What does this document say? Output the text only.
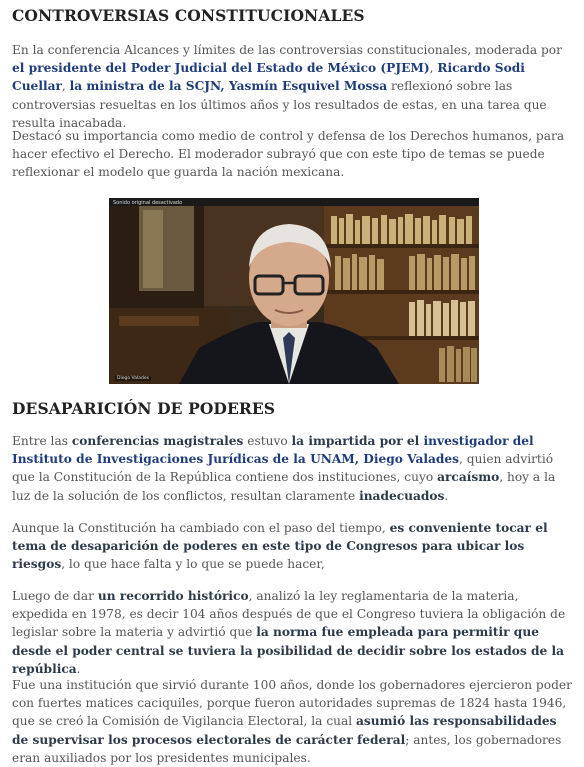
CONTROVERSIAS CONSTITUCIONALES

En la conferencia Alcances y límites de las controversias constitucionales, moderada por el presidente del Poder Judicial del Estado de México (PJEM), Ricardo Sodi Cuellar, la ministra de la SCJN, Yasmín Esquivel Mossa reflexionó sobre las controversias resueltas en los últimos años y los resultados de estas, en una tarea que resulta inacabada.

Destacó su importancia como medio de control y defensa de los Derechos humanos, para hacer efectivo el Derecho. El moderador subrayó que con este tipo de temas se puede reflexionar el modelo que guarda la nación mexicana.

Sonido original desactivado
Diego Valades
DESAPARICIÓN DE PODERES

Entre las conferencias magistrales estuvo la impartida por el investigador del Instituto de Investigaciones Jurídicas de la UNAM, Diego Valades, quien advirtió que la Constitución de la República contiene dos instituciones, cuyo arcaísmo, hoy a la luz de la solución de los conflictos, resultan claramente inadecuados.

Aunque la Constitución ha cambiado con el paso del tiempo, es conveniente tocar el tema de desaparición de poderes en este tipo de Congresos para ubicar los riesgos, lo que hace falta y lo que se puede hacer,

Luego de dar un recorrido histórico, analizó la ley reglamentaria de la materia, expedida en 1978, es decir 104 años después de que el Congreso tuviera la obligación de legislar sobre la materia y advirtió que la norma fue empleada para permitir que desde el poder central se tuviera la posibilidad de decidir sobre los estados de la república.

Fue una institución que sirvió durante 100 años, donde los gobernadores ejercieron poder con fuertes matices caciquiles, porque fueron autoridades supremas de 1824 hasta 1946, que se creó la Comisión de Vigilancia Electoral, la cual asumió las responsabilidades de supervisar los procesos electorales de carácter federal; antes, los gobernadores eran auxiliados por los presidentes municipales.
